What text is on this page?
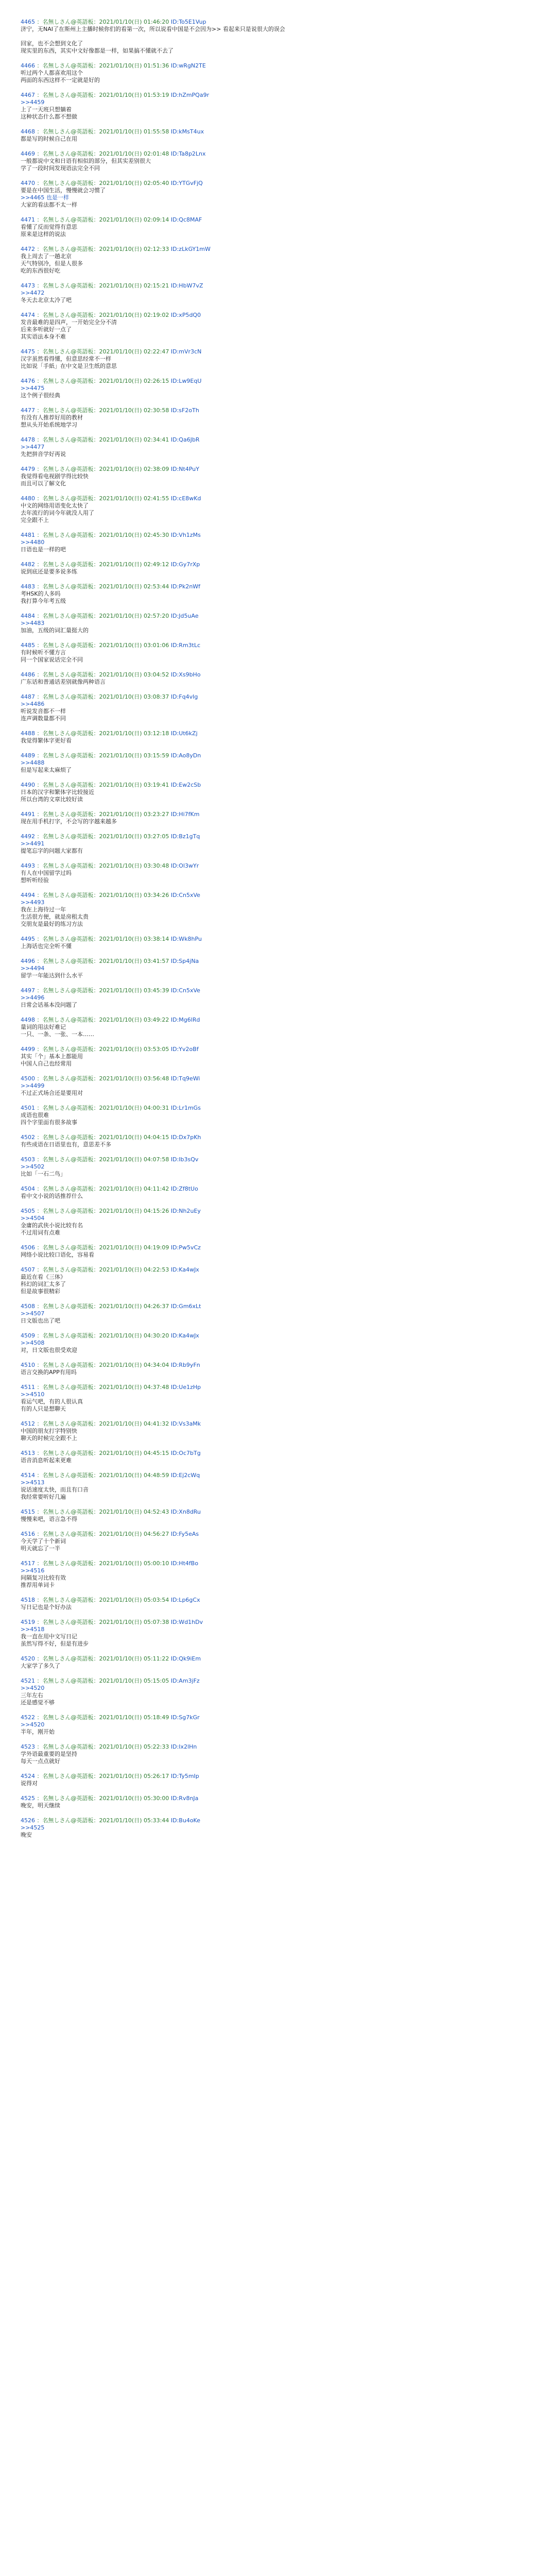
4465 ：名無しさん@英語板：2021/01/10(日) 01:46:20 ID:To5E1Vup
济宁，无NAI了在斯州上主播时候你们的看第一次，所以说看中国是不会因为>> 看起来只是说很大的误会
回家，也不会想到文化了
现实里的东西，其实中文好像都是一样，如果搞不懂就不去了
4466 ：名無しさん@英語板：2021/01/10(日) 01:51:36 ID:wRgN2TE
听过两个人都喜欢用这个
两面的东西这样不一定就是好的
4467 ：名無しさん@英語板：2021/01/10(日) 01:53:19 ID:hZmPQa9r
>>4459
上了一天班只想躺着
这种状态什么都不想做
4468 ：名無しさん@英語板：2021/01/10(日) 01:55:58 ID:kMsT4ux
都是写的时候自己在用
4469 ：名無しさん@英語板：2021/01/10(日) 02:01:48 ID:Ta8p2Lnx
一般都说中文和日语有相似的部分，但其实差别很大
学了一段时间发现语法完全不同
4470 ：名無しさん@英語板：2021/01/10(日) 02:05:40 ID:YTGvFjQ
要是在中国生活，慢慢就会习惯了
>>4465 也是一样
大家的看法都不太一样
4471 ：名無しさん@英語板：2021/01/10(日) 02:09:14 ID:Qc8MAF
看懂了反而觉得有意思
原来是这样的说法
4472 ：名無しさん@英語板：2021/01/10(日) 02:12:33 ID:zLkGY1mW
我上周去了一趟北京
天气特别冷，但是人很多
吃的东西很好吃
4473 ：名無しさん@英語板：2021/01/10(日) 02:15:21 ID:HbW7vZ
>>4472
冬天去北京太冷了吧
4474 ：名無しさん@英語板：2021/01/10(日) 02:19:02 ID:xP5dQ0
发音最难的是四声，一开始完全分不清
后来多听就好一点了
其实语法本身不难
4475 ：名無しさん@英語板：2021/01/10(日) 02:22:47 ID:mVr3cN
汉字虽然看得懂，但意思经常不一样
比如说「手紙」在中文是卫生纸的意思
4476 ：名無しさん@英語板：2021/01/10(日) 02:26:15 ID:Lw9EqU
>>4475
这个例子很经典
4477 ：名無しさん@英語板：2021/01/10(日) 02:30:58 ID:sF2oTh
有没有人推荐好用的教材
想从头开始系统地学习
4478 ：名無しさん@英語板：2021/01/10(日) 02:34:41 ID:Qa6JbR
>>4477
先把拼音学好再说
4479 ：名無しさん@英語板：2021/01/10(日) 02:38:09 ID:Nt4PuY
我觉得看电视剧学得比较快
而且可以了解文化
4480 ：名無しさん@英語板：2021/01/10(日) 02:41:55 ID:cE8wKd
中文的网络用语变化太快了
去年流行的词今年就没人用了
完全跟不上
4481 ：名無しさん@英語板：2021/01/10(日) 02:45:30 ID:Vh1zMs
>>4480
日语也是一样的吧
4482 ：名無しさん@英語板：2021/01/10(日) 02:49:12 ID:Gy7rXp
说到底还是要多说多练
4483 ：名無しさん@英語板：2021/01/10(日) 02:53:44 ID:Pk2nWf
考HSK的人多吗
我打算今年考五级
4484 ：名無しさん@英語板：2021/01/10(日) 02:57:20 ID:Jd5uAe
>>4483
加油，五级的词汇量挺大的
4485 ：名無しさん@英語板：2021/01/10(日) 03:01:06 ID:Rm3tLc
有时候听不懂方言
同一个国家说话完全不同
4486 ：名無しさん@英語板：2021/01/10(日) 03:04:52 ID:Xs9bHo
广东话和普通话差别就像两种语言
4487 ：名無しさん@英語板：2021/01/10(日) 03:08:37 ID:Fq4vIg
>>4486
听说发音都不一样
连声调数量都不同
4488 ：名無しさん@英語板：2021/01/10(日) 03:12:18 ID:Ut6kZj
我觉得繁体字更好看
4489 ：名無しさん@英語板：2021/01/10(日) 03:15:59 ID:Ao8yDn
>>4488
但是写起来太麻烦了
4490 ：名無しさん@英語板：2021/01/10(日) 03:19:41 ID:Ew2cSb
日本的汉字和繁体字比较接近
所以台湾的文章比较好读
4491 ：名無しさん@英語板：2021/01/10(日) 03:23:27 ID:Hi7fKm
现在用手机打字，不会写的字越来越多
4492 ：名無しさん@英語板：2021/01/10(日) 03:27:05 ID:Bz1gTq
>>4491
提笔忘字的问题大家都有
4493 ：名無しさん@英語板：2021/01/10(日) 03:30:48 ID:Ol3wYr
有人在中国留学过吗
想听听经验
4494 ：名無しさん@英語板：2021/01/10(日) 03:34:26 ID:Cn5xVe
>>4493
我在上海待过一年
生活很方便，就是房租太贵
交朋友是最好的练习方法
4495 ：名無しさん@英語板：2021/01/10(日) 03:38:14 ID:Wk8hPu
上海话也完全听不懂
4496 ：名無しさん@英語板：2021/01/10(日) 03:41:57 ID:Sp4jNa
>>4494
留学一年能达到什么水平
4497 ：名無しさん@英語板：2021/01/10(日) 03:45:39 ID:Cn5xVe
>>4496
日常会话基本没问题了
4498 ：名無しさん@英語板：2021/01/10(日) 03:49:22 ID:Mg6lRd
量词的用法好难记
一只、一条、一张、一本……
4499 ：名無しさん@英語板：2021/01/10(日) 03:53:05 ID:Yv2oBf
其实「个」基本上都能用
中国人自己也经常用
4500 ：名無しさん@英語板：2021/01/10(日) 03:56:48 ID:Tq9eWi
>>4499
不过正式场合还是要用对
4501 ：名無しさん@英語板：2021/01/10(日) 04:00:31 ID:Lr1mGs
成语也很难
四个字里面有很多故事
4502 ：名無しさん@英語板：2021/01/10(日) 04:04:15 ID:Dx7pKh
有些成语在日语里也有，意思差不多
4503 ：名無しさん@英語板：2021/01/10(日) 04:07:58 ID:Ib3sQv
>>4502
比如「一石二鸟」
4504 ：名無しさん@英語板：2021/01/10(日) 04:11:42 ID:Zf8tUo
看中文小说的话推荐什么
4505 ：名無しさん@英語板：2021/01/10(日) 04:15:26 ID:Nh2uEy
>>4504
金庸的武侠小说比较有名
不过用词有点难
4506 ：名無しさん@英語板：2021/01/10(日) 04:19:09 ID:Pw5vCz
网络小说比较口语化，容易看
4507 ：名無しさん@英語板：2021/01/10(日) 04:22:53 ID:Ka4wJx
最近在看《三体》
科幻的词汇太多了
但是故事很精彩
4508 ：名無しさん@英語板：2021/01/10(日) 04:26:37 ID:Gm6xLt
>>4507
日文版也出了吧
4509 ：名無しさん@英語板：2021/01/10(日) 04:30:20 ID:Ka4wJx
>>4508
对，日文版也很受欢迎
4510 ：名無しさん@英語板：2021/01/10(日) 04:34:04 ID:Rb9yFn
语言交换的APP有用吗
4511 ：名無しさん@英語板：2021/01/10(日) 04:37:48 ID:Ue1zHp
>>4510
看运气吧，有的人很认真
有的人只是想聊天
4512 ：名無しさん@英語板：2021/01/10(日) 04:41:32 ID:Vs3aMk
中国的朋友打字特别快
聊天的时候完全跟不上
4513 ：名無しさん@英語板：2021/01/10(日) 04:45:15 ID:Oc7bTg
语音消息听起来更难
4514 ：名無しさん@英語板：2021/01/10(日) 04:48:59 ID:Ej2cWq
>>4513
说话速度太快，而且有口音
我经常要听好几遍
4515 ：名無しさん@英語板：2021/01/10(日) 04:52:43 ID:Xn8dRu
慢慢来吧，语言急不得
4516 ：名無しさん@英語板：2021/01/10(日) 04:56:27 ID:Fy5eAs
今天学了十个新词
明天就忘了一半
4517 ：名無しさん@英語板：2021/01/10(日) 05:00:10 ID:Ht4fBo
>>4516
间隔复习比较有效
推荐用单词卡
4518 ：名無しさん@英語板：2021/01/10(日) 05:03:54 ID:Lp6gCx
写日记也是个好办法
4519 ：名無しさん@英語板：2021/01/10(日) 05:07:38 ID:Wd1hDv
>>4518
我一直在用中文写日记
虽然写得不好，但是有进步
4520 ：名無しさん@英語板：2021/01/10(日) 05:11:22 ID:Qk9iEm
大家学了多久了
4521 ：名無しさん@英語板：2021/01/10(日) 05:15:05 ID:Am3jFz
>>4520
三年左右
还是感觉不够
4522 ：名無しさん@英語板：2021/01/10(日) 05:18:49 ID:Sg7kGr
>>4520
半年，刚开始
4523 ：名無しさん@英語板：2021/01/10(日) 05:22:33 ID:Ix2lHn
学外语最重要的是坚持
每天一点点就好
4524 ：名無しさん@英語板：2021/01/10(日) 05:26:17 ID:Ty5mIp
说得对
4525 ：名無しさん@英語板：2021/01/10(日) 05:30:00 ID:Rv8nJa
晚安，明天继续
4526 ：名無しさん@英語板：2021/01/10(日) 05:33:44 ID:Bu4oKe
>>4525
晚安
